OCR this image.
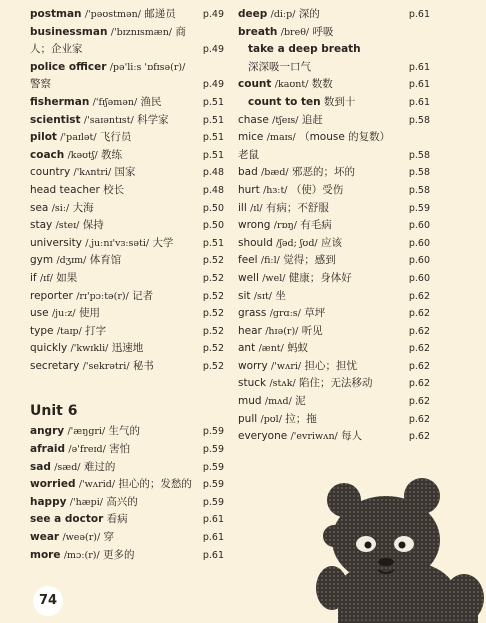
postman /'pəʊstmən/ 邮递员	p.49
businessman /'bɪznɪsmæn/ 商人；企业家	p.49
police officer /pə'liːs 'ɒfɪsə(r)/ 警察	p.49
fisherman /'fɪʃəmən/ 渔民	p.51
scientist /'saɪəntɪst/ 科学家	p.51
pilot /'paɪlət/ 飞行员	p.51
coach /kəʊtʃ/ 教练	p.51
country /'kʌntri/ 国家	p.48
head teacher 校长	p.48
sea /siː/ 大海	p.50
stay /steɪ/ 保持	p.50
university /ˌjuːnɪ'vɜːsəti/ 大学	p.51
gym /dʒɪm/ 体育馆	p.52
if /ɪf/ 如果	p.52
reporter /rɪ'pɔːtə(r)/ 记者	p.52
use /juːz/ 使用	p.52
type /taɪp/ 打字	p.52
quickly /'kwɪkli/ 迅速地	p.52
secretary /'sekrətri/ 秘书	p.52
Unit 6
angry /'æŋgri/ 生气的	p.59
afraid /ə'freɪd/ 害怕	p.59
sad /sæd/ 难过的	p.59
worried /'wʌrid/ 担心的；发愁的	p.59
happy /'hæpi/ 高兴的	p.59
see a doctor 看病	p.61
wear /weə(r)/ 穿	p.61
more /mɔː(r)/ 更多的	p.61
deep /diːp/ 深的	p.61
breath /breθ/ 呼吸
take a deep breath
深深吸一口气	p.61
count /kaʊnt/ 数数	p.61
count to ten 数到十	p.61
chase /tʃeɪs/ 追赶	p.58
mice /maɪs/ （mouse 的复数）老鼠	p.58
bad /bæd/ 邪恶的；坏的	p.58
hurt /hɜːt/ （使）受伤	p.58
ill /ɪl/ 有病；不舒服	p.59
wrong /rɒŋ/ 有毛病	p.60
should /ʃəd; ʃʊd/ 应该	p.60
feel /fiːl/ 觉得；感到	p.60
well /wel/ 健康；身体好	p.60
sit /sɪt/ 坐	p.62
grass /grɑːs/ 草坪	p.62
hear /hɪə(r)/ 听见	p.62
ant /ænt/ 蚂蚁	p.62
worry /'wʌri/ 担心；担忧	p.62
stuck /stʌk/ 陷住；无法移动	p.62
mud /mʌd/ 泥	p.62
pull /pʊl/ 拉；拖	p.62
everyone /'evriwʌn/ 每人	p.62
74
